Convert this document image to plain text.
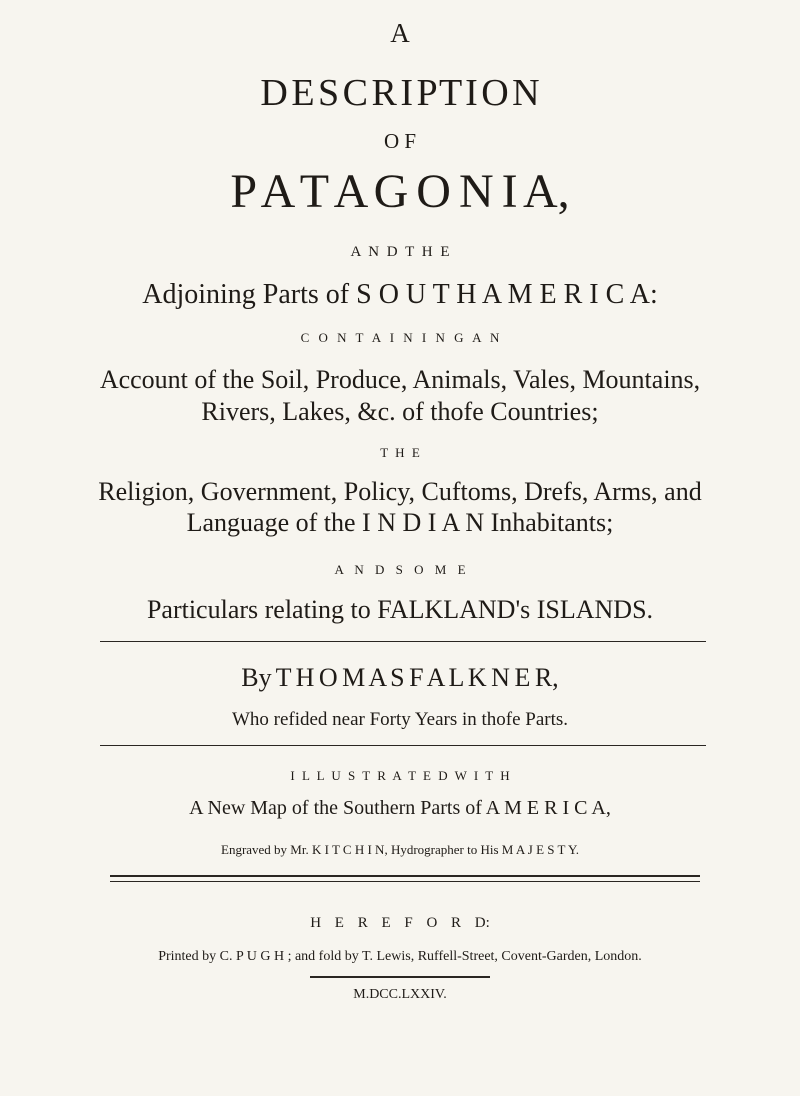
A
D E S C R I P T I O N
O F
P A T A G O N I A,
A N D T H E
Adjoining Parts of S O U T H A M E R I C A:
C O N T A I N I N G A N
Account of the Soil, Produce, Animals, Vales, Mountains,
Rivers, Lakes, &c. of thofe Countries;
T H E
Religion, Government, Policy, Cuftoms, Drefs, Arms, and
Language of the I N D I A N Inhabitants;
A N D S O M E
Particulars relating to FALKLAND's ISLANDS.
By T H O M A S F A L K N E R,
Who refided near Forty Years in thofe Parts.
I L L U S T R A T E D W I T H
A New Map of the Southern Parts of A M E R I C A,
Engraved by Mr. K I T C H I N, Hydrographer to His M A J E S T Y.
H E R E F O R D:
Printed by C. P U G H ; and fold by T. Lewis, Ruffell-Street, Covent-Garden, London.
M.DCC.LXXIV.
